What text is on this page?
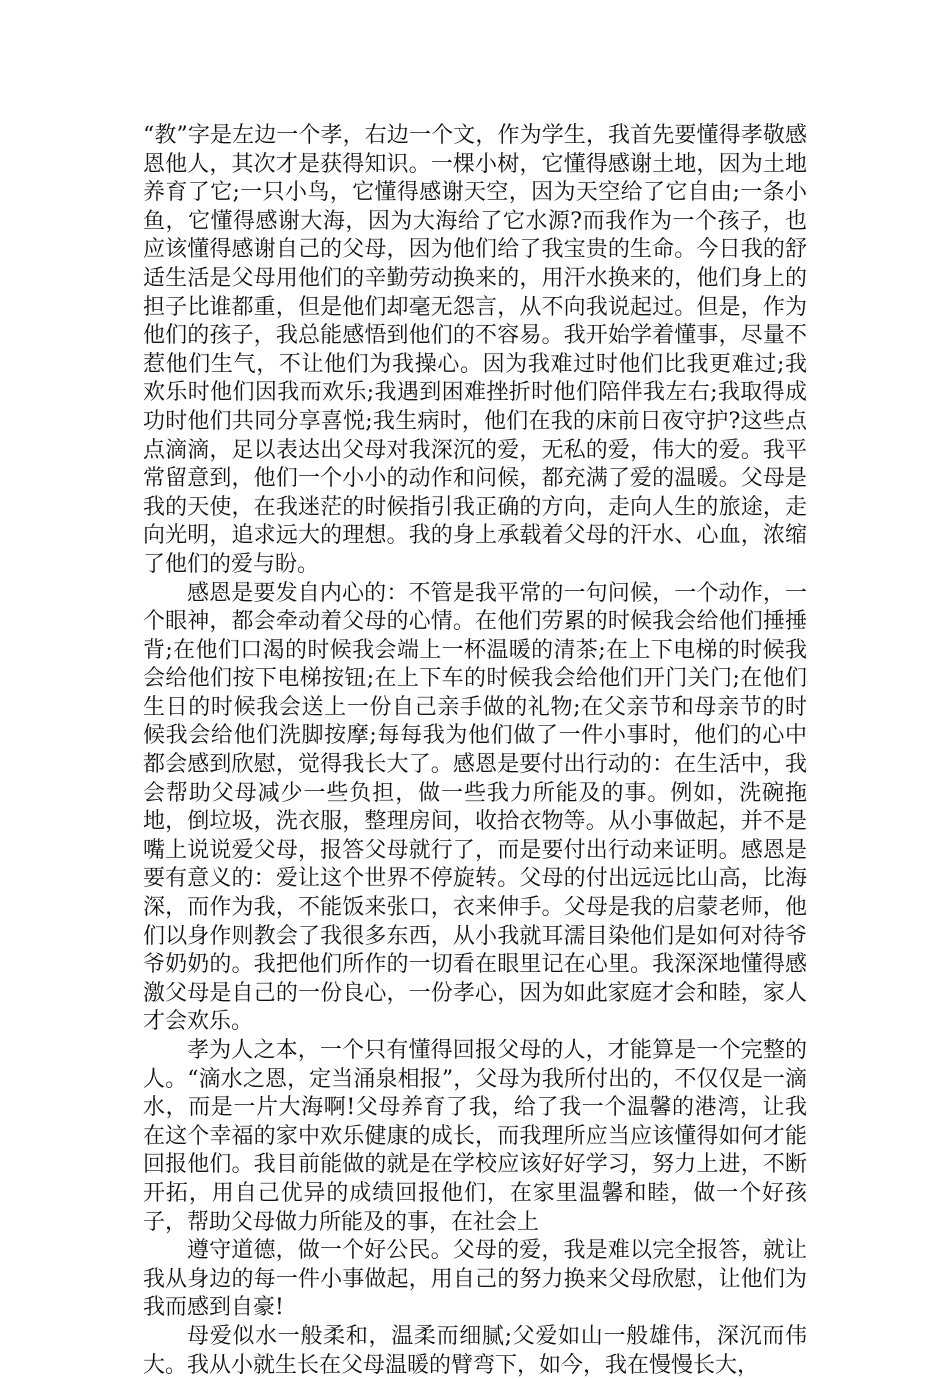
“教”字是左边一个孝，右边一个文，作为学生，我首先要懂得孝敬感恩他人，其次才是获得知识。一棵小树，它懂得感谢土地，因为土地养育了它;一只小鸟，它懂得感谢天空，因为天空给了它自由;一条小鱼，它懂得感谢大海，因为大海给了它水源?而我作为一个孩子，也应该懂得感谢自己的父母，因为他们给了我宝贵的生命。今日我的舒适生活是父母用他们的辛勤劳动换来的，用汗水换来的，他们身上的担子比谁都重，但是他们却毫无怨言，从不向我说起过。但是，作为他们的孩子，我总能感悟到他们的不容易。我开始学着懂事，尽量不惹他们生气，不让他们为我操心。因为我难过时他们比我更难过;我欢乐时他们因我而欢乐;我遇到困难挫折时他们陪伴我左右;我取得成功时他们共同分享喜悦;我生病时，他们在我的床前日夜守护?这些点点滴滴，足以表达出父母对我深沉的爱，无私的爱，伟大的爱。我平常留意到，他们一个小小的动作和问候，都充满了爱的温暖。父母是我的天使，在我迷茫的时候指引我正确的方向，走向人生的旅途，走向光明，追求远大的理想。我的身上承载着父母的汗水、心血，浓缩了他们的爱与盼。

感恩是要发自内心的：不管是我平常的一句问候，一个动作，一个眼神，都会牵动着父母的心情。在他们劳累的时候我会给他们捶捶背;在他们口渴的时候我会端上一杯温暖的清茶;在上下电梯的时候我会给他们按下电梯按钮;在上下车的时候我会给他们开门关门;在他们生日的时候我会送上一份自己亲手做的礼物;在父亲节和母亲节的时候我会给他们洗脚按摩;每每我为他们做了一件小事时，他们的心中都会感到欣慰，觉得我长大了。感恩是要付出行动的：在生活中，我会帮助父母减少一些负担，做一些我力所能及的事。例如，洗碗拖地，倒垃圾，洗衣服，整理房间，收拾衣物等。从小事做起，并不是嘴上说说爱父母，报答父母就行了，而是要付出行动来证明。感恩是要有意义的：爱让这个世界不停旋转。父母的付出远远比山高，比海深，而作为我，不能饭来张口，衣来伸手。父母是我的启蒙老师，他们以身作则教会了我很多东西，从小我就耳濡目染他们是如何对待爷爷奶奶的。我把他们所作的一切看在眼里记在心里。我深深地懂得感激父母是自己的一份良心，一份孝心，因为如此家庭才会和睦，家人才会欢乐。

孝为人之本，一个只有懂得回报父母的人，才能算是一个完整的人。“滴水之恩，定当涌泉相报”，父母为我所付出的，不仅仅是一滴水，而是一片大海啊!父母养育了我，给了我一个温馨的港湾，让我在这个幸福的家中欢乐健康的成长，而我理所应当应该懂得如何才能回报他们。我目前能做的就是在学校应该好好学习，努力上进，不断开拓，用自己优异的成绩回报他们，在家里温馨和睦，做一个好孩子，帮助父母做力所能及的事，在社会上

遵守道德，做一个好公民。父母的爱，我是难以完全报答，就让我从身边的每一件小事做起，用自己的努力换来父母欣慰，让他们为我而感到自豪!

母爱似水一般柔和，温柔而细腻;父爱如山一般雄伟，深沉而伟大。我从小就生长在父母温暖的臂弯下，如今，我在慢慢长大，
